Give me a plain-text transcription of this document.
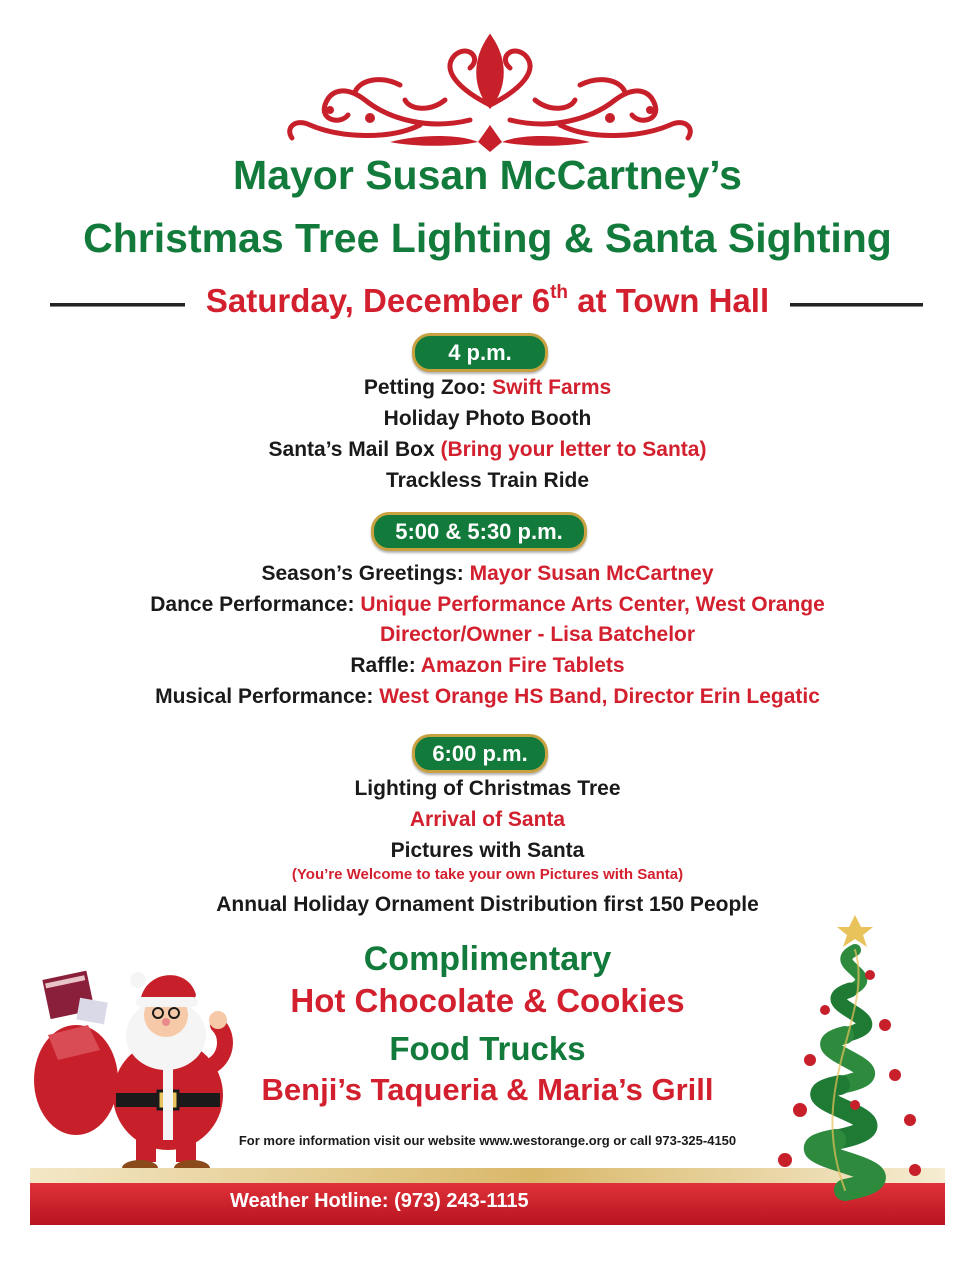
Mayor Susan McCartney’s
Christmas Tree Lighting & Santa Sighting
Saturday, December 6th at Town Hall
4 p.m.
Petting Zoo: Swift Farms
Holiday Photo Booth
Santa’s Mail Box (Bring your letter to Santa)
Trackless Train Ride
5:00 & 5:30 p.m.
Season’s Greetings: Mayor Susan McCartney
Dance Performance: Unique Performance Arts Center, West Orange
Director/Owner - Lisa Batchelor
Raffle: Amazon Fire Tablets
Musical Performance: West Orange HS Band, Director Erin Legatic
6:00 p.m.
Lighting of Christmas Tree
Arrival of Santa
Pictures with Santa
(You’re Welcome to take your own Pictures with Santa)
Annual Holiday Ornament Distribution first 150 People
Complimentary
Hot Chocolate & Cookies
Food Trucks
Benji’s Taqueria & Maria’s Grill
For more information visit our website www.westorange.org or call 973-325-4150
Weather Hotline: (973) 243-1115
